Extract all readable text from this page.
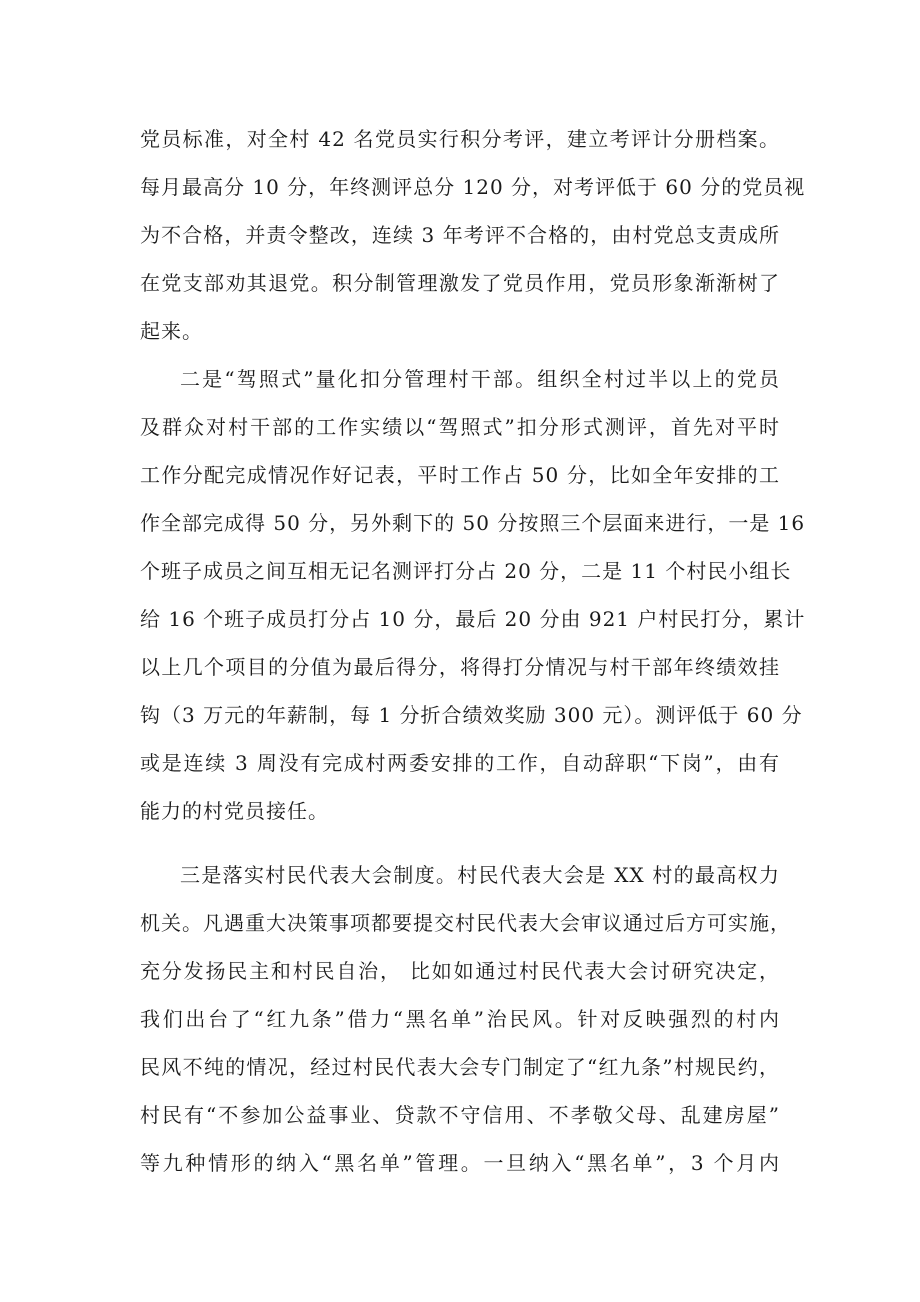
党员标准，对全村 42 名党员实行积分考评，建立考评计分册档案。
每月最高分 10 分，年终测评总分 120 分，对考评低于 60 分的党员视
为不合格，并责令整改，连续 3 年考评不合格的，由村党总支责成所
在党支部劝其退党。积分制管理激发了党员作用，党员形象渐渐树了
起来。
二是“驾照式”量化扣分管理村干部。组织全村过半以上的党员
及群众对村干部的工作实绩以“驾照式”扣分形式测评，首先对平时
工作分配完成情况作好记表，平时工作占 50 分，比如全年安排的工
作全部完成得 50 分，另外剩下的 50 分按照三个层面来进行，一是 16
个班子成员之间互相无记名测评打分占 20 分，二是 11 个村民小组长
给 16 个班子成员打分占 10 分，最后 20 分由 921 户村民打分，累计
以上几个项目的分值为最后得分，将得打分情况与村干部年终绩效挂
钩（3 万元的年薪制，每 1 分折合绩效奖励 300 元）。测评低于 60 分
或是连续 3 周没有完成村两委安排的工作，自动辞职“下岗”，由有
能力的村党员接任。
三是落实村民代表大会制度。村民代表大会是 XX 村的最高权力
机关。凡遇重大决策事项都要提交村民代表大会审议通过后方可实施，
充分发扬民主和村民自治， 比如如通过村民代表大会讨研究决定，
我们出台了“红九条”借力“黑名单”治民风。针对反映强烈的村内
民风不纯的情况，经过村民代表大会专门制定了“红九条”村规民约，
村民有“不参加公益事业、贷款不守信用、不孝敬父母、乱建房屋”
等九种情形的纳入“黑名单”管理。一旦纳入“黑名单”，3 个月内
